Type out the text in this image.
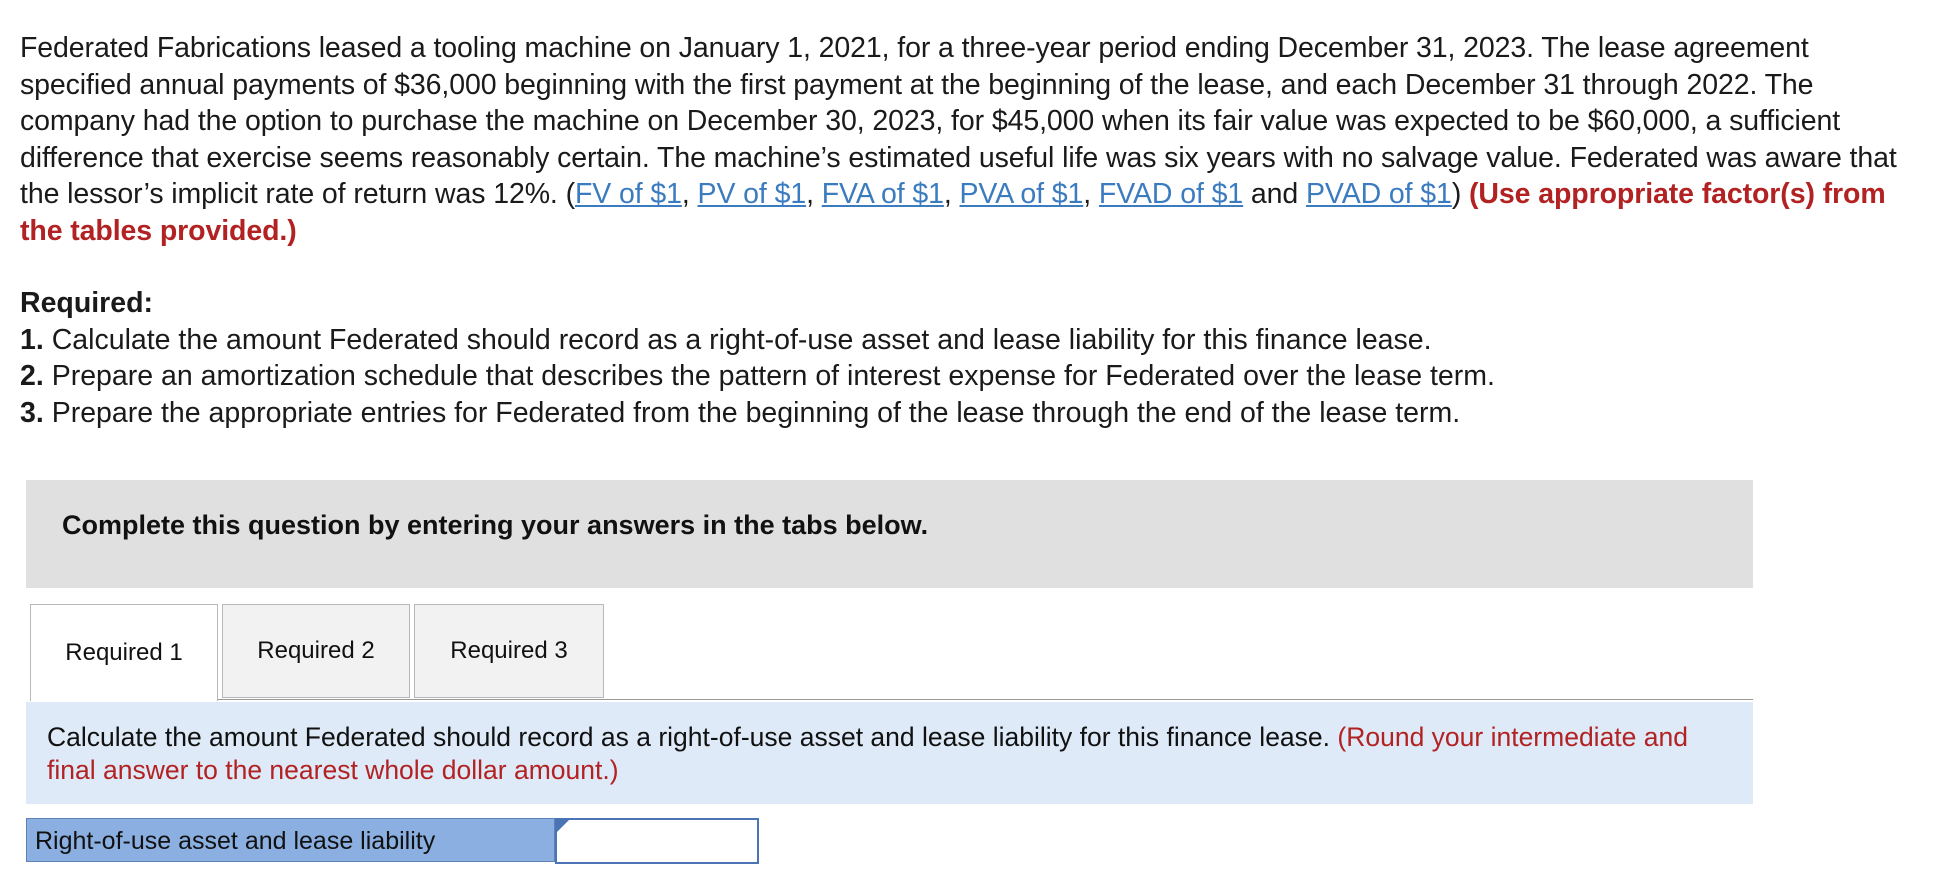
Federated Fabrications leased a tooling machine on January 1, 2021, for a three-year period ending December 31, 2023. The lease agreement specified annual payments of $36,000 beginning with the first payment at the beginning of the lease, and each December 31 through 2022. The company had the option to purchase the machine on December 30, 2023, for $45,000 when its fair value was expected to be $60,000, a sufficient difference that exercise seems reasonably certain. The machine’s estimated useful life was six years with no salvage value. Federated was aware that the lessor’s implicit rate of return was 12%. (FV of $1, PV of $1, FVA of $1, PVA of $1, FVAD of $1 and PVAD of $1) (Use appropriate factor(s) from the tables provided.)

Required:
1. Calculate the amount Federated should record as a right-of-use asset and lease liability for this finance lease.
2. Prepare an amortization schedule that describes the pattern of interest expense for Federated over the lease term.
3. Prepare the appropriate entries for Federated from the beginning of the lease through the end of the lease term.
Complete this question by entering your answers in the tabs below.
Required 1	Required 2	Required 3
Calculate the amount Federated should record as a right-of-use asset and lease liability for this finance lease. (Round your intermediate and final answer to the nearest whole dollar amount.)
Right-of-use asset and lease liability
